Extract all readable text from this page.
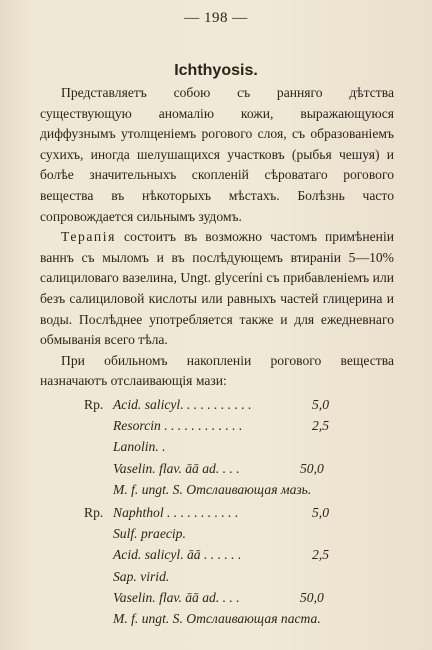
— 198 —
Ichthyosis.

Представляетъ собою съ ранняго дѣтства существующую аномалію кожи, выражающуюся диффузнымъ утолщеніемъ рогового слоя, съ образованіемъ сухихъ, иногда шелушащихся участковъ (рыбья чешуя) и болѣе значительныхъ скопленій сѣроватаго рогового вещества въ нѣкоторыхъ мѣстахъ. Болѣзнь часто сопровождается сильнымъ зудомъ.

Терапія состоитъ въ возможно частомъ примѣненіи ваннъ съ мыломъ и въ послѣдующемъ втираніи 5—10% салициловаго вазелина, Ungt. glyceríni съ прибавленіемъ или безъ салициловой кислоты или равныхъ частей глицерина и воды. Послѣднее употребляется также и для ежедневнаго обмыванія всего тѣла.

При обильномъ накопленіи рогового вещества назначаютъ отслаивающія мази:

Rp. Acid. salicyl. . . . . . . . . . .	5,0
Resorcin . . . . . . . . . . . .	2,5
Lanolin. .
Vaselin. flav. āā ad. . . .	50,0
M. f. ungt. S. Отслаивающая мазь.
Rp. Naphthol . . . . . . . . . . .	5,0
Sulf. praecip.
Acid. salicyl. āā . . . . . .	2,5
Sap. virid.
Vaselin. flav. āā ad. . . .	50,0
M. f. ungt. S. Отслаивающая паста.
